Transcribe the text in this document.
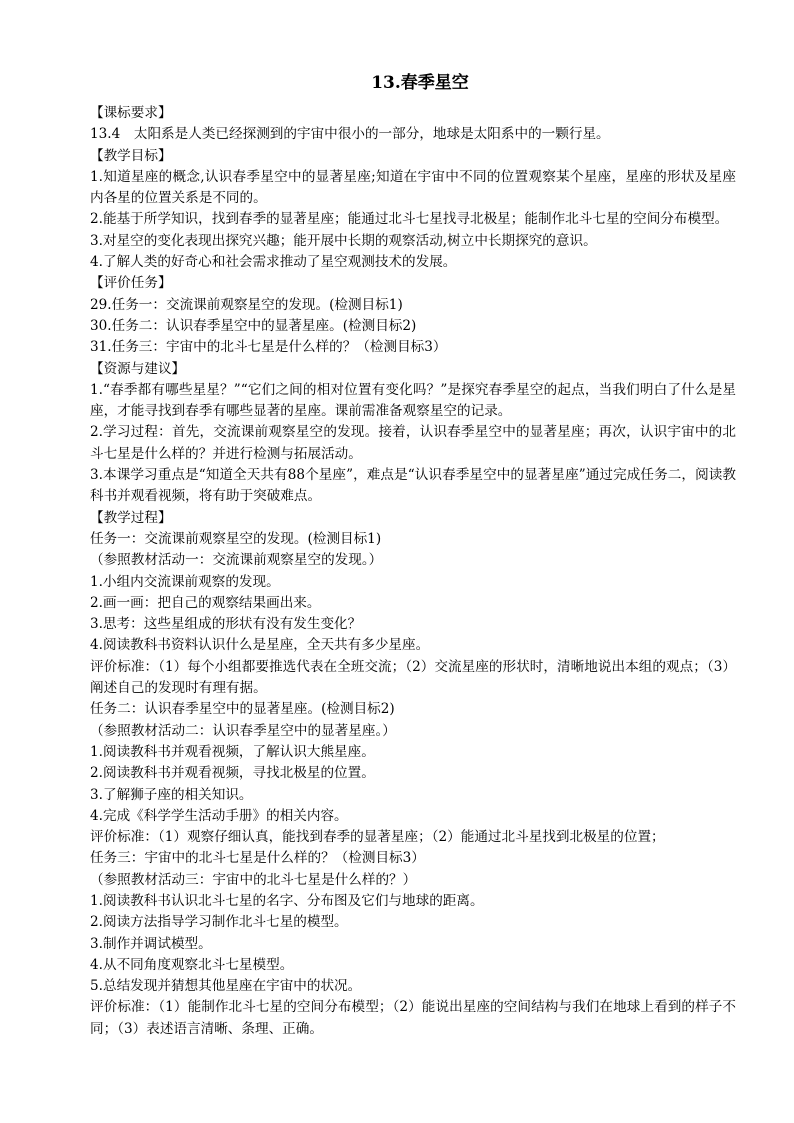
13.春季星空
【课标要求】
13.4　太阳系是人类已经探测到的宇宙中很小的一部分，地球是太阳系中的一颗行星。
【教学目标】
1.知道星座的概念,认识春季星空中的显著星座;知道在宇宙中不同的位置观察某个星座，星座的形状及星座内各星的位置关系是不同的。
2.能基于所学知识，找到春季的显著星座；能通过北斗七星找寻北极星；能制作北斗七星的空间分布模型。
3.对星空的变化表现出探究兴趣；能开展中长期的观察活动,树立中长期探究的意识。
4.了解人类的好奇心和社会需求推动了星空观测技术的发展。
【评价任务】
29.任务一：交流课前观察星空的发现。(检测目标1)
30.任务二：认识春季星空中的显著星座。(检测目标2)
31.任务三：宇宙中的北斗七星是什么样的？（检测目标3）
【资源与建议】
1.“春季都有哪些星星？”“它们之间的相对位置有变化吗？”是探究春季星空的起点，当我们明白了什么是星座，才能寻找到春季有哪些显著的星座。课前需准备观察星空的记录。
2.学习过程：首先，交流课前观察星空的发现。接着，认识春季星空中的显著星座；再次，认识宇宙中的北斗七星是什么样的？并进行检测与拓展活动。
3.本课学习重点是“知道全天共有88个星座”，难点是“认识春季星空中的显著星座”通过完成任务二，阅读教科书并观看视频，将有助于突破难点。
【教学过程】
任务一：交流课前观察星空的发现。(检测目标1)
（参照教材活动一：交流课前观察星空的发现。）
1.小组内交流课前观察的发现。
2.画一画：把自己的观察结果画出来。
3.思考：这些星组成的形状有没有发生变化？
4.阅读教科书资料认识什么是星座，全天共有多少星座。
评价标准：（1）每个小组都要推选代表在全班交流；（2）交流星座的形状时，清晰地说出本组的观点；（3）阐述自己的发现时有理有据。
任务二：认识春季星空中的显著星座。(检测目标2)
（参照教材活动二：认识春季星空中的显著星座。）
1.阅读教科书并观看视频，了解认识大熊星座。
2.阅读教科书并观看视频，寻找北极星的位置。
3.了解狮子座的相关知识。
4.完成《科学学生活动手册》的相关内容。
评价标准：（1）观察仔细认真，能找到春季的显著星座；（2）能通过北斗星找到北极星的位置；
任务三：宇宙中的北斗七星是什么样的？（检测目标3）
（参照教材活动三：宇宙中的北斗七星是什么样的？）
1.阅读教科书认识北斗七星的名字、分布图及它们与地球的距离。
2.阅读方法指导学习制作北斗七星的模型。
3.制作并调试模型。
4.从不同角度观察北斗七星模型。
5.总结发现并猜想其他星座在宇宙中的状况。
评价标准：（1）能制作北斗七星的空间分布模型；（2）能说出星座的空间结构与我们在地球上看到的样子不同；（3）表述语言清晰、条理、正确。
